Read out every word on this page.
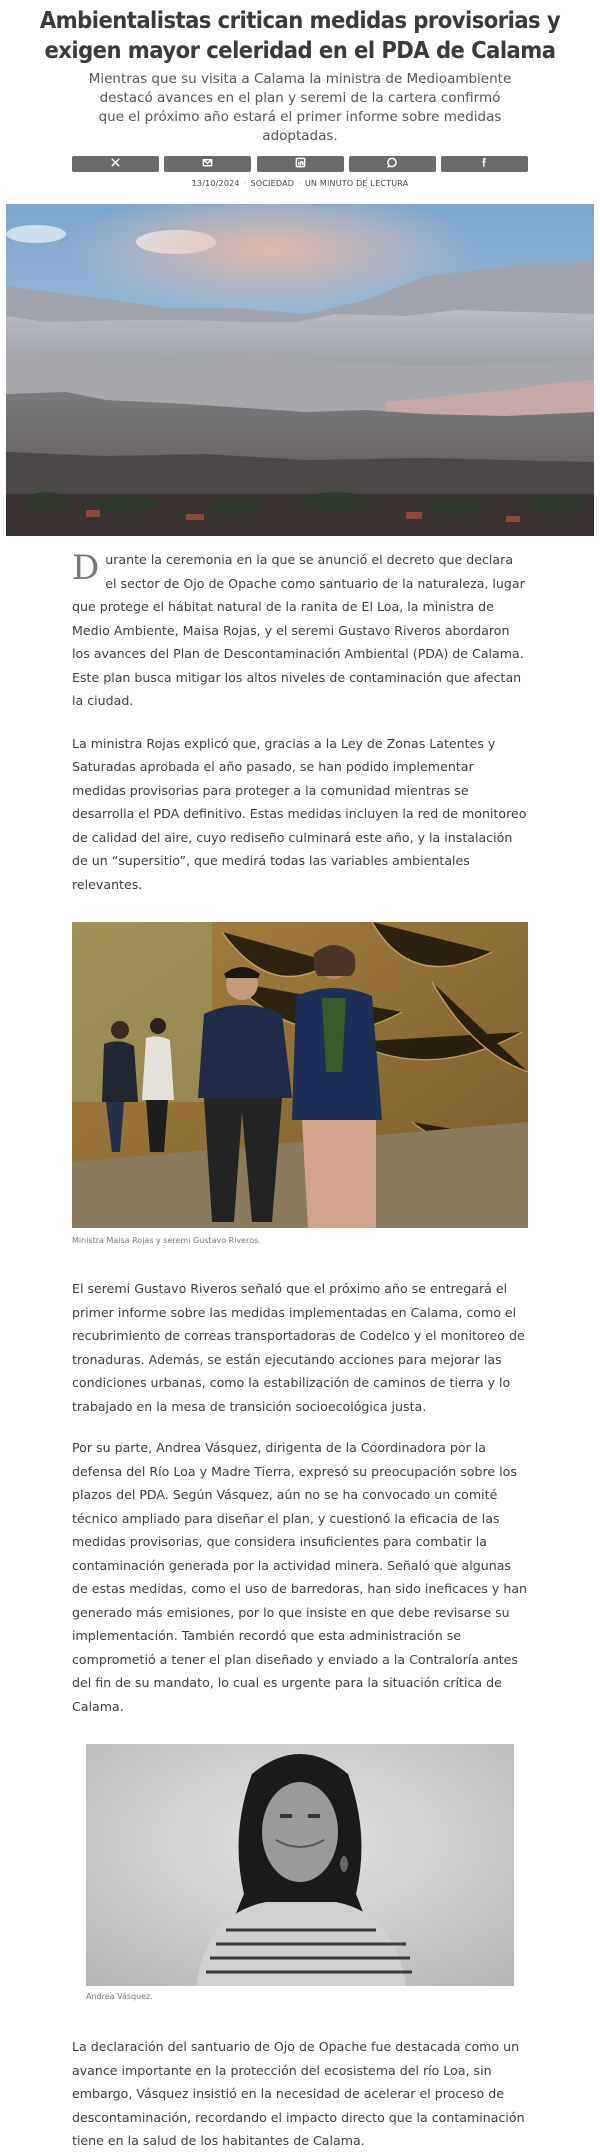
Ambientalistas critican medidas provisorias y exigen mayor celeridad en el PDA de Calama

Mientras que su visita a Calama la ministra de Medioambiente destacó avances en el plan y seremi de la cartera confirmó que el próximo año estará el primer informe sobre medidas adoptadas.

13/10/2024 · SOCIEDAD · UN MINUTO DE LECTURA

Durante la ceremonia en la que se anunció el decreto que declara el sector de Ojo de Opache como santuario de la naturaleza, lugar que protege el hábitat natural de la ranita de El Loa, la ministra de Medio Ambiente, Maisa Rojas, y el seremi Gustavo Riveros abordaron los avances del Plan de Descontaminación Ambiental (PDA) de Calama. Este plan busca mitigar los altos niveles de contaminación que afectan la ciudad.

La ministra Rojas explicó que, gracias a la Ley de Zonas Latentes y Saturadas aprobada el año pasado, se han podido implementar medidas provisorias para proteger a la comunidad mientras se desarrolla el PDA definitivo. Estas medidas incluyen la red de monitoreo de calidad del aire, cuyo rediseño culminará este año, y la instalación de un “supersitio”, que medirá todas las variables ambientales relevantes.

Ministra Maisa Rojas y seremi Gustavo Riveros.

El seremi Gustavo Riveros señaló que el próximo año se entregará el primer informe sobre las medidas implementadas en Calama, como el recubrimiento de correas transportadoras de Codelco y el monitoreo de tronaduras. Además, se están ejecutando acciones para mejorar las condiciones urbanas, como la estabilización de caminos de tierra y lo trabajado en la mesa de transición socioecológica justa.

Por su parte, Andrea Vásquez, dirigenta de la Coordinadora por la defensa del Río Loa y Madre Tierra, expresó su preocupación sobre los plazos del PDA. Según Vásquez, aún no se ha convocado un comité técnico ampliado para diseñar el plan, y cuestionó la eficacia de las medidas provisorias, que considera insuficientes para combatir la contaminación generada por la actividad minera. Señaló que algunas de estas medidas, como el uso de barredoras, han sido ineficaces y han generado más emisiones, por lo que insiste en que debe revisarse su implementación. También recordó que esta administración se comprometió a tener el plan diseñado y enviado a la Contraloría antes del fin de su mandato, lo cual es urgente para la situación crítica de Calama.

Andrea Vásquez.

La declaración del santuario de Ojo de Opache fue destacada como un avance importante en la protección del ecosistema del río Loa, sin embargo, Vásquez insistió en la necesidad de acelerar el proceso de descontaminación, recordando el impacto directo que la contaminación tiene en la salud de los habitantes de Calama.
